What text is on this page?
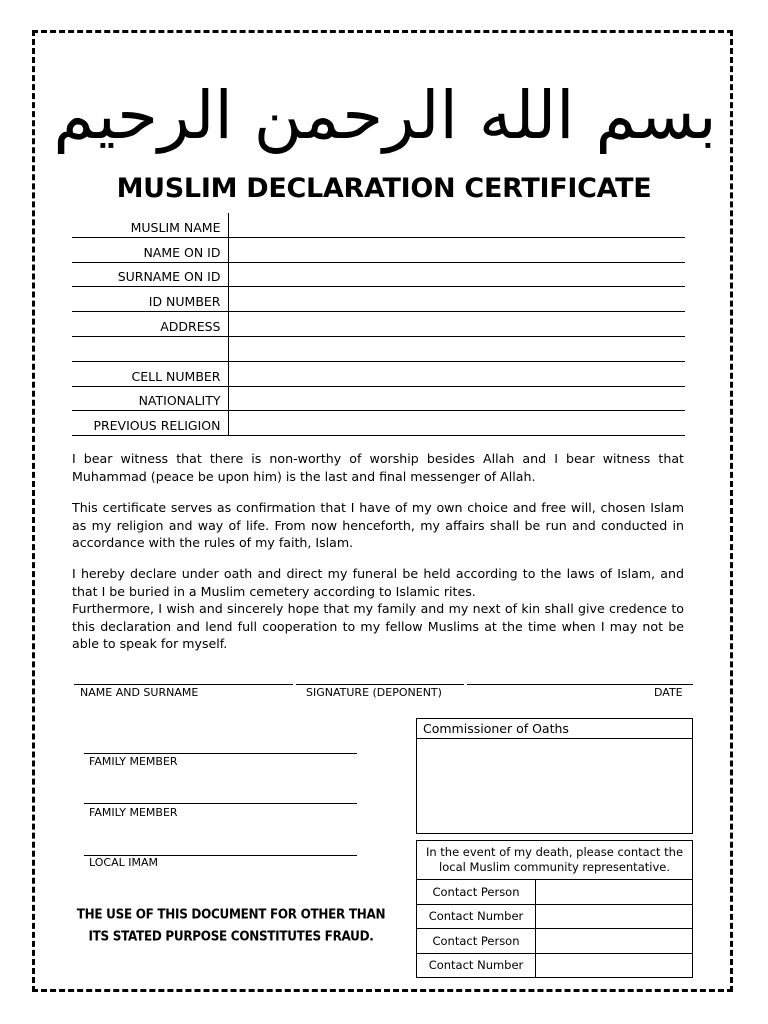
بسم الله الرحمن الرحيم
MUSLIM DECLARATION CERTIFICATE
MUSLIM NAME	
NAME ON ID	
SURNAME ON ID	
ID NUMBER	
ADDRESS	

CELL NUMBER	
NATIONALITY	
PREVIOUS RELIGION	
I bear witness that there is non-worthy of worship besides Allah and I bear witness that Muhammad (peace be upon him) is the last and final messenger of Allah.
This certificate serves as confirmation that I have of my own choice and free will, chosen Islam as my religion and way of life. From now henceforth, my affairs shall be run and conducted in accordance with the rules of my faith, Islam.
I hereby declare under oath and direct my funeral be held according to the laws of Islam, and that I be buried in a Muslim cemetery according to Islamic rites.
Furthermore, I wish and sincerely hope that my family and my next of kin shall give credence to this declaration and lend full cooperation to my fellow Muslims at the time when I may not be able to speak for myself.
NAME AND SURNAME	SIGNATURE (DEPONENT)	DATE
FAMILY MEMBER
FAMILY MEMBER
LOCAL IMAM
THE USE OF THIS DOCUMENT FOR OTHER THAN
ITS STATED PURPOSE CONSTITUTES FRAUD.
Commissioner of Oaths
In the event of my death, please contact the
local Muslim community representative.
Contact Person	
Contact Number	
Contact Person	
Contact Number	
